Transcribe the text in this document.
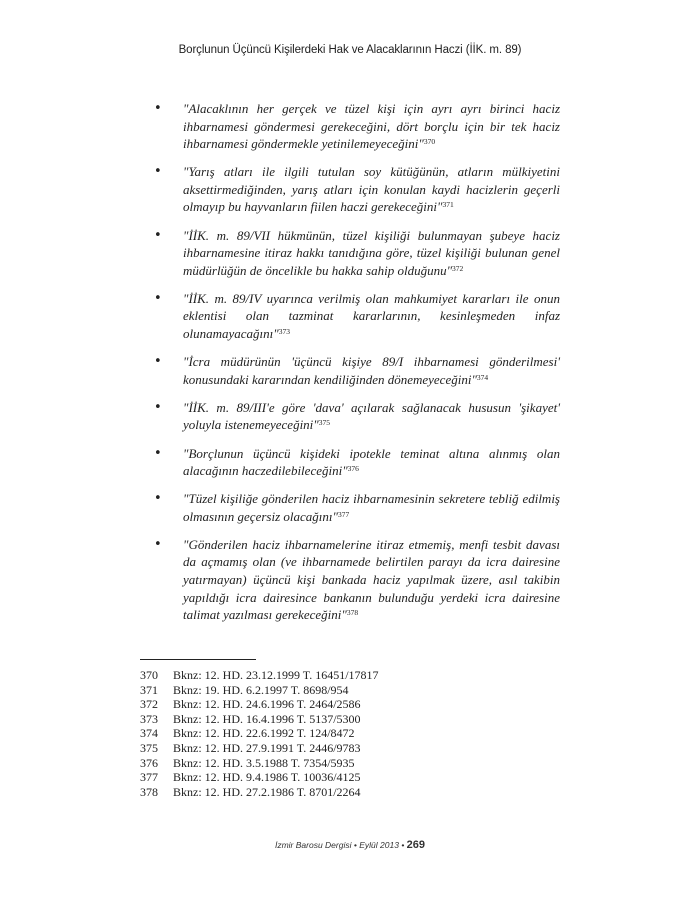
Borçlunun Üçüncü Kişilerdeki Hak ve Alacaklarının Haczi (İİK. m. 89)
• "Alacaklının her gerçek ve tüzel kişi için ayrı ayrı birinci haciz ihbarnamesi göndermesi gerekeceğini, dört borçlu için bir tek haciz ihbarnamesi göndermekle yetinilemeyeceğini"$^{370}$
• "Yarış atları ile ilgili tutulan soy kütüğünün, atların mülkiyetini aksettirmediğinden, yarış atları için konulan kaydi hacizlerin geçerli olmayıp bu hayvanların fiilen haczi gerekeceğini"$^{371}$
• "İİK. m. 89/VII hükmünün, tüzel kişiliği bulunmayan şubeye haciz ihbarnamesine itiraz hakkı tanıdığına göre, tüzel kişiliği bulunan genel müdürlüğün de öncelikle bu hakka sahip olduğunu"$^{372}$
• "İİK. m. 89/IV uyarınca verilmiş olan mahkumiyet kararları ile onun eklentisi olan tazminat kararlarının, kesinleşmeden infaz olunamayacağını"$^{373}$
• "İcra müdürünün 'üçüncü kişiye 89/I ihbarnamesi gönderilmesi' konusundaki kararından kendiliğinden dönemeyeceğini"$^{374}$
• "İİK. m. 89/III'e göre 'dava' açılarak sağlanacak hususun 'şikayet' yoluyla istenemeyeceğini"$^{375}$
• "Borçlunun üçüncü kişideki ipotekle teminat altına alınmış olan alacağının haczedilebileceğini"$^{376}$
• "Tüzel kişiliğe gönderilen haciz ihbarnamesinin sekretere tebliğ edilmiş olmasının geçersiz olacağını"$^{377}$
• "Gönderilen haciz ihbarnamelerine itiraz etmemiş, menfi tesbit davası da açmamış olan (ve ihbarnamede belirtilen parayı da icra dairesine yatırmayan) üçüncü kişi bankada haciz yapılmak üzere, asıl takibin yapıldığı icra dairesince bankanın bulunduğu yerdeki icra dairesine talimat yazılması gerekeceğini"$^{378}$
370	Bknz: 12. HD. 23.12.1999 T. 16451/17817
371	Bknz: 19. HD. 6.2.1997 T. 8698/954
372	Bknz: 12. HD. 24.6.1996 T. 2464/2586
373	Bknz: 12. HD. 16.4.1996 T. 5137/5300
374	Bknz: 12. HD. 22.6.1992 T. 124/8472
375	Bknz: 12. HD. 27.9.1991 T. 2446/9783
376	Bknz: 12. HD. 3.5.1988 T. 7354/5935
377	Bknz: 12. HD. 9.4.1986 T. 10036/4125
378	Bknz: 12. HD. 27.2.1986 T. 8701/2264
İzmir Barosu Dergisi • Eylül 2013 • 269
